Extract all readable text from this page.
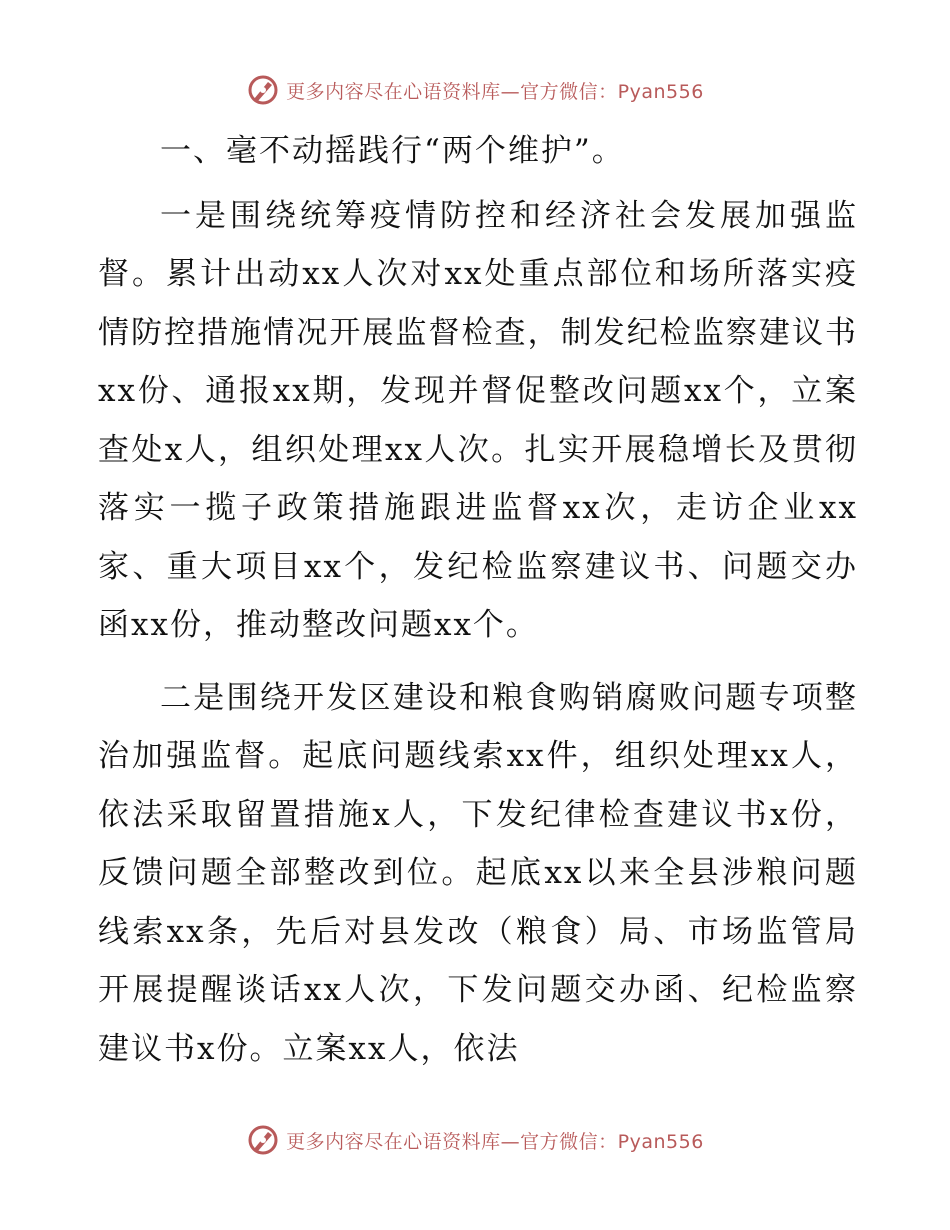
更多内容尽在心语资料库—官方微信：Pyan556

一、毫不动摇践行“两个维护”。

一是围绕统筹疫情防控和经济社会发展加强监督。累计出动xx人次对xx处重点部位和场所落实疫情防控措施情况开展监督检查，制发纪检监察建议书xx份、通报xx期，发现并督促整改问题xx个，立案查处x人，组织处理xx人次。扎实开展稳增长及贯彻落实一揽子政策措施跟进监督xx次，走访企业xx家、重大项目xx个，发纪检监察建议书、问题交办函xx份，推动整改问题xx个。

二是围绕开发区建设和粮食购销腐败问题专项整治加强监督。起底问题线索xx件，组织处理xx人，依法采取留置措施x人，下发纪律检查建议书x份，反馈问题全部整改到位。起底xx以来全县涉粮问题线索xx条，先后对县发改（粮食）局、市场监管局开展提醒谈话xx人次，下发问题交办函、纪检监察建议书x份。立案xx人，依法

更多内容尽在心语资料库—官方微信：Pyan556
